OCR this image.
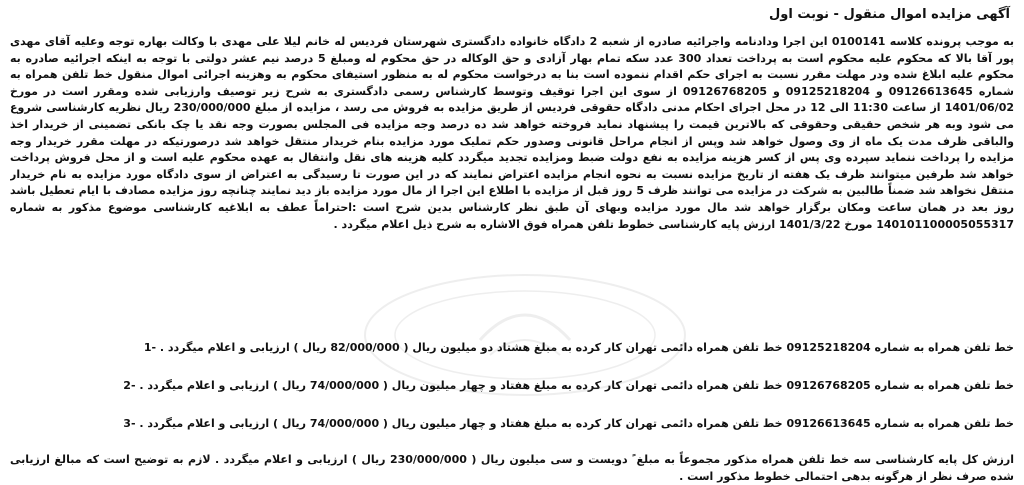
آگهی مزایده اموال منقول - نوبت اول

به موجب پرونده کلاسه 0100141 این اجرا ودادنامه واجرائیه صادره از شعبه 2 دادگاه خانواده دادگستری شهرستان فردیس له خانم لیلا علی مهدی با وکالت بهاره توجه وعلیه آقای مهدی پور آقا بالا که محکوم علیه محکوم است به پرداخت تعداد 300 عدد سکه تمام بهار آزادی و حق الوکاله در حق محکوم له ومبلغ 5 درصد نیم عشر دولتی با توجه به اینکه اجرائیه صادره به محکوم علیه ابلاغ شده ودر مهلت مقرر نسبت به اجرای حکم اقدام ننموده است بنا به درخواست محکوم له به منظور استیفای محکوم به وهزینه اجرائی اموال منقول خط تلفن همراه به شماره 09126613645 و 09125218204 و 09126768205 از سوی این اجرا توقیف وتوسط کارشناس رسمی دادگستری به شرح زیر توصیف وارزیابی شده ومقرر است در مورخ 1401/06/02 از ساعت 11:30 الی 12 در محل اجرای احکام مدنی دادگاه حقوقی فردیس از طریق مزایده به فروش می رسد ، مزایده از مبلغ 230/000/000 ریال نظریه کارشناسی شروع می شود وبه هر شخص حقیقی وحقوقی که بالاترین قیمت را پیشنهاد نماید فروخته خواهد شد ده درصد وجه مزایده فی المجلس بصورت وجه نقد یا چک بانکی تضمینی از خریدار اخذ والباقی ظرف مدت یک ماه از وی وصول خواهد شد وپس از انجام مراحل قانونی وصدور حکم تملیک مورد مزایده بنام خریدار منتقل خواهد شد درصورتیکه در مهلت مقرر خریدار وجه مزایده را پرداخت ننماید سپرده وی پس از کسر هزینه مزایده به نفع دولت ضبط ومزایده تجدید میگردد کلیه هزینه های نقل وانتقال به عهده محکوم علیه است و از محل فروش پرداخت خواهد شد طرفین میتوانند ظرف یک هفته از تاریخ مزایده نسبت به نحوه انجام مزایده اعتراض نمایند که در این صورت تا رسیدگی به اعتراض از سوی دادگاه مورد مزایده به نام خریدار منتقل نخواهد شد ضمناً طالبین به شرکت در مزایده می توانند ظرف 5 روز قبل از مزایده با اطلاع این اجرا از مال مورد مزایده باز دید نمایند چنانچه روز مزایده مصادف با ایام تعطیل باشد روز بعد در همان ساعت ومکان برگزار خواهد شد مال مورد مزایده وبهای آن طبق نظر کارشناس بدین شرح است :احتراماً عطف به ابلاغیه کارشناسی موضوع مذکور به شماره 140101100005055317 مورخ 1401/3/22 ارزش پایه کارشناسی خطوط تلفن همراه فوق الاشاره به شرح ذیل اعلام میگردد .

خط تلفن همراه به شماره 09125218204 خط تلفن همراه دائمی تهران کار کرده به مبلغ هشتاد دو میلیون ریال ( 82/000/000 ریال ) ارزیابی و اعلام میگردد . -1
خط تلفن همراه به شماره 09126768205 خط تلفن همراه دائمی تهران کار کرده به مبلغ هفتاد و چهار میلیون ریال ( 74/000/000 ریال ) ارزیابی و اعلام میگردد . -2
خط تلفن همراه به شماره 09126613645 خط تلفن همراه دائمی تهران کار کرده به مبلغ هفتاد و چهار میلیون ریال ( 74/000/000 ریال ) ارزیابی و اعلام میگردد . -3

ارزش کل پایه کارشناسی سه خط تلفن همراه مذکور مجموعاً به مبلغ ً دویست و سی میلیون ریال ( 230/000/000 ریال ) ارزیابی و اعلام میگردد . لازم به توضیح است که مبالغ ارزیابی شده صرف نظر از هرگونه بدهی احتمالی خطوط مذکور است .
